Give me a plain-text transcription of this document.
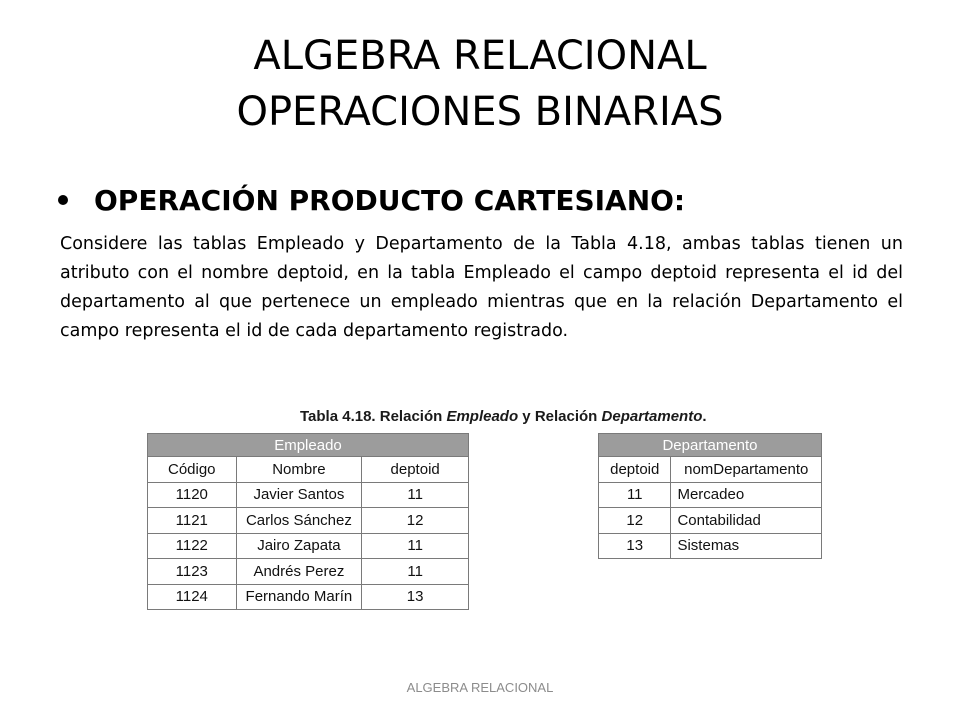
ALGEBRA RELACIONAL
OPERACIONES BINARIAS
OPERACIÓN PRODUCTO CARTESIANO:
Considere las tablas Empleado y Departamento de la Tabla 4.18, ambas tablas tienen un atributo con el nombre deptoid, en la tabla Empleado el campo deptoid representa el id del departamento al que pertenece un empleado mientras que en la relación Departamento el campo representa el id de cada departamento registrado.
Tabla 4.18. Relación Empleado y Relación Departamento.
Empleado		
Código	Nombre	deptoid
1120	Javier Santos	11
1121	Carlos Sánchez	12
1122	Jairo Zapata	11
1123	Andrés Perez	11
1124	Fernando Marín	13
Departamento	
deptoid	nomDepartamento
11	Mercadeo
12	Contabilidad
13	Sistemas
ALGEBRA RELACIONAL
